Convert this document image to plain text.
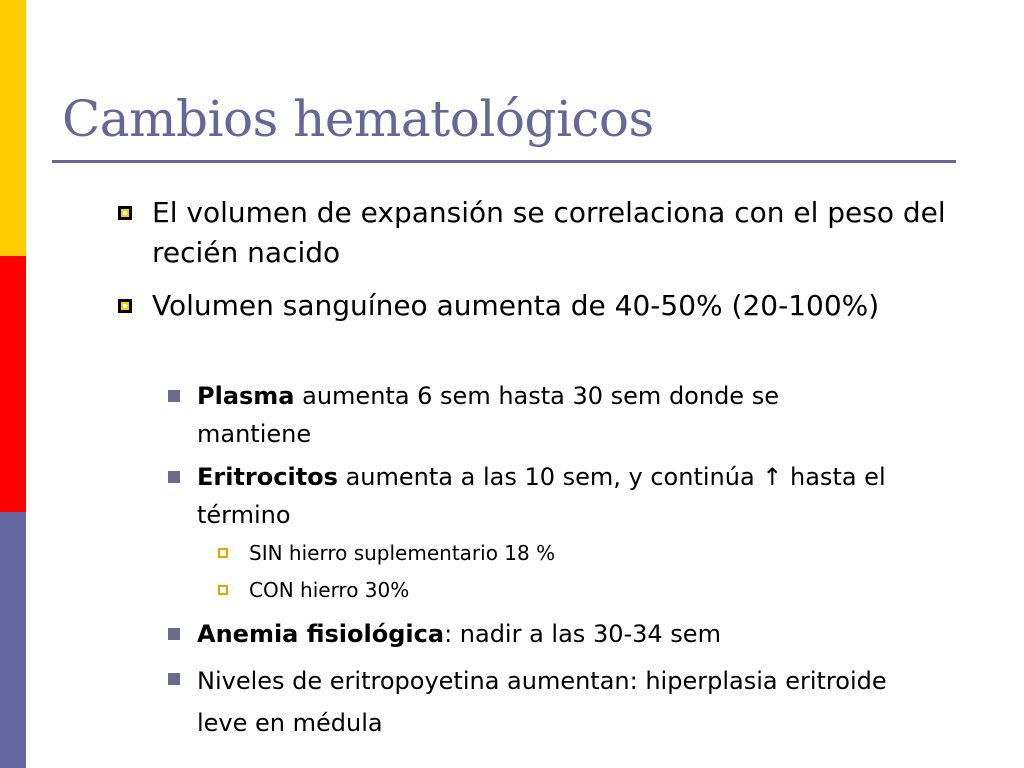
Cambios hematológicos

El volumen de expansión se correlaciona con el peso del recién nacido

Volumen sanguíneo aumenta de 40-50% (20-100%)

Plasma aumenta 6 sem hasta 30 sem donde se mantiene

Eritrocitos aumenta a las 10 sem, y continúa ↑ hasta el término

SIN hierro suplementario 18 %

CON hierro 30%

Anemia fisiológica: nadir a las 30-34 sem

Niveles de eritropoyetina aumentan: hiperplasia eritroide leve en médula
